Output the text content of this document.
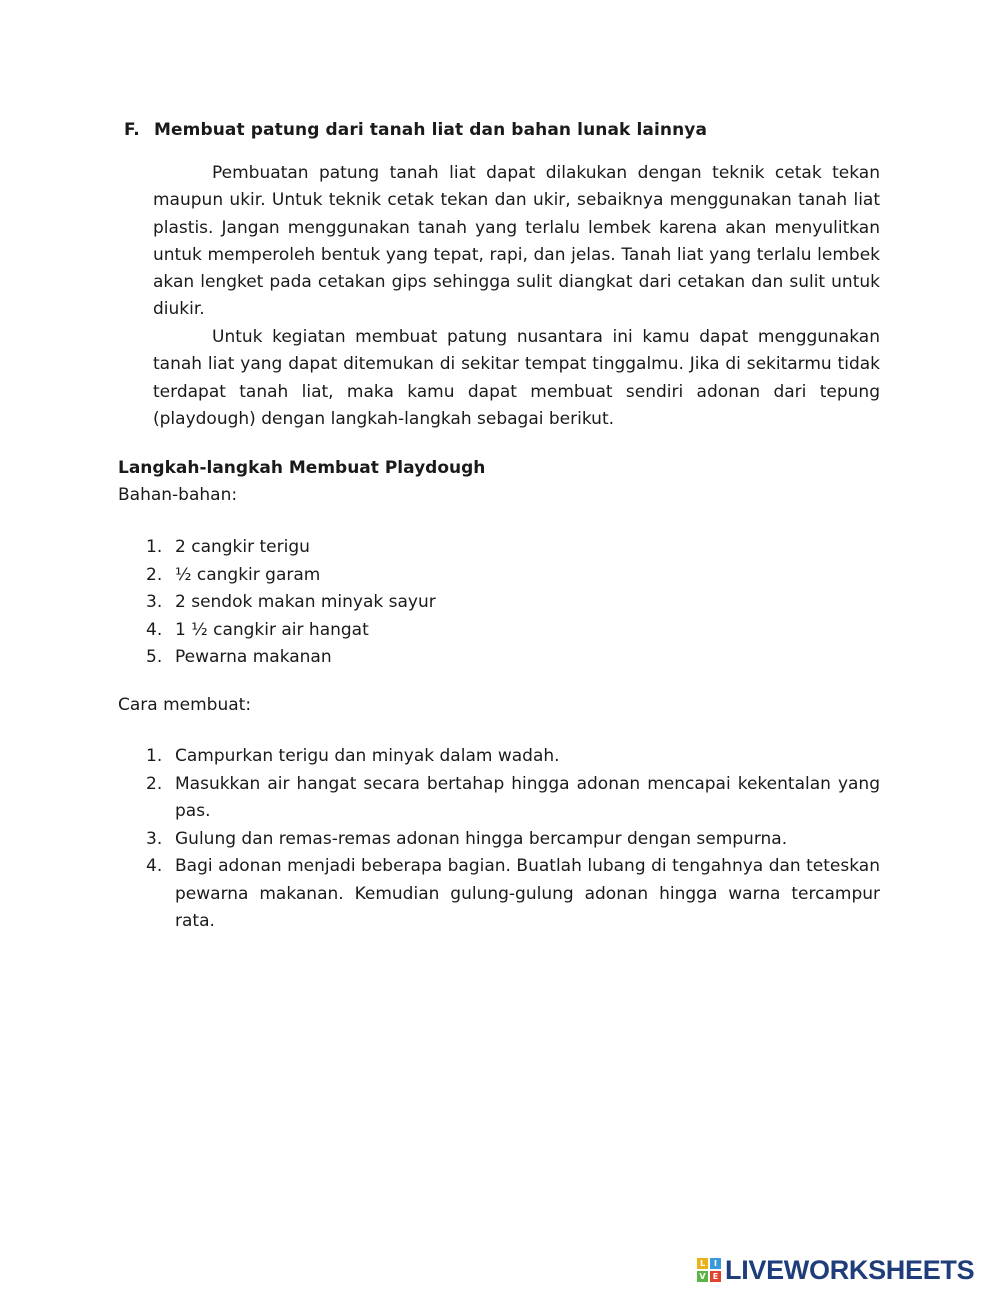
F. Membuat patung dari tanah liat dan bahan lunak lainnya

Pembuatan patung tanah liat dapat dilakukan dengan teknik cetak tekan maupun ukir. Untuk teknik cetak tekan dan ukir, sebaiknya menggunakan tanah liat plastis. Jangan menggunakan tanah yang terlalu lembek karena akan menyulitkan untuk memperoleh bentuk yang tepat, rapi, dan jelas. Tanah liat yang terlalu lembek akan lengket pada cetakan gips sehingga sulit diangkat dari cetakan dan sulit untuk diukir.

Untuk kegiatan membuat patung nusantara ini kamu dapat menggunakan tanah liat yang dapat ditemukan di sekitar tempat tinggalmu. Jika di sekitarmu tidak terdapat tanah liat, maka kamu dapat membuat sendiri adonan dari tepung (playdough) dengan langkah-langkah sebagai berikut.

Langkah-langkah Membuat Playdough
Bahan-bahan:
1. 2 cangkir terigu
2. ½ cangkir garam
3. 2 sendok makan minyak sayur
4. 1 ½ cangkir air hangat
5. Pewarna makanan
Cara membuat:
1. Campurkan terigu dan minyak dalam wadah.
2. Masukkan air hangat secara bertahap hingga adonan mencapai kekentalan yang pas.
3. Gulung dan remas-remas adonan hingga bercampur dengan sempurna.
4. Bagi adonan menjadi beberapa bagian. Buatlah lubang di tengahnya dan teteskan pewarna makanan. Kemudian gulung-gulung adonan hingga warna tercampur rata.
L	I
V E LIVEWORKSHEETS
